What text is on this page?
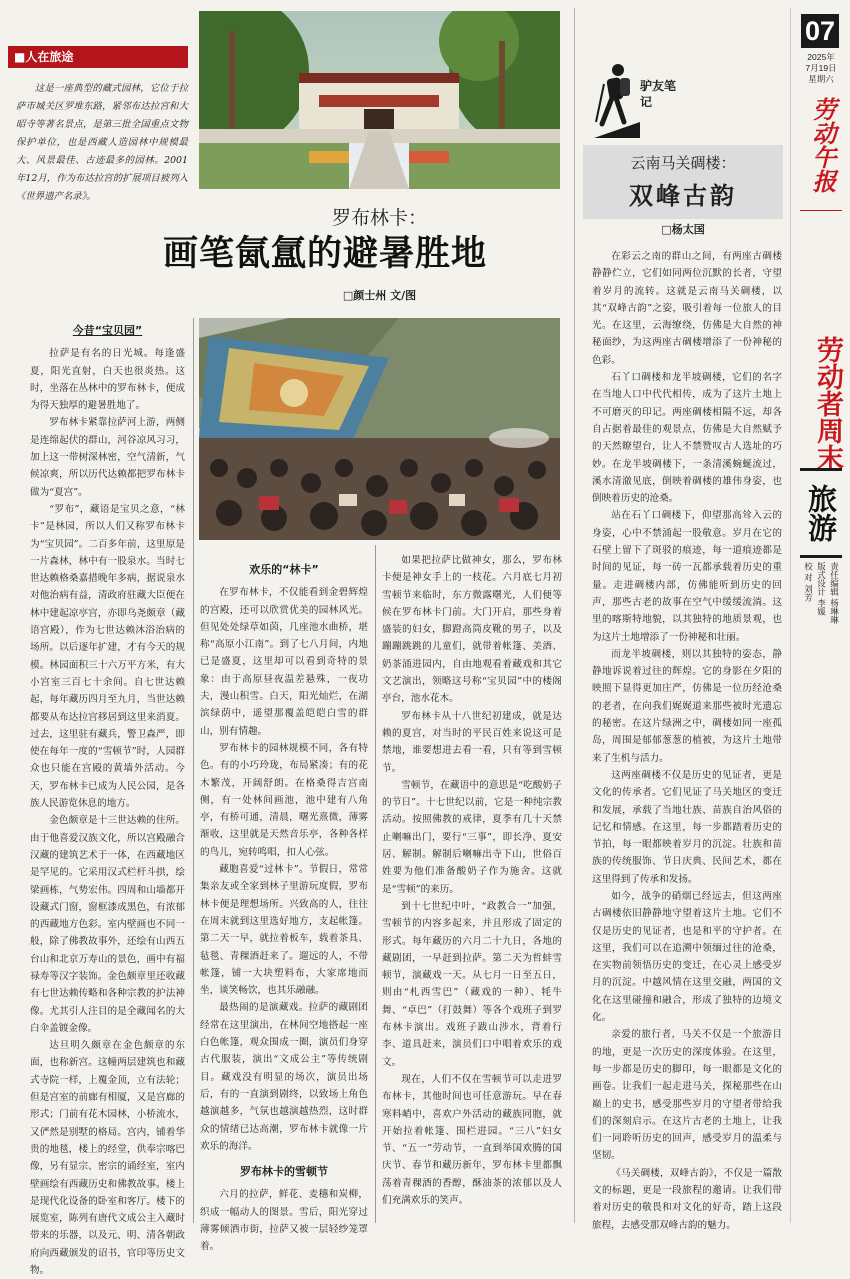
07
2025年
7月19日
星期六
劳动午报
劳动者周末
旅游
责任编辑 杨琳琳
版式设计 李媛
校 对 刘芳
■人在旅途
这是一座典型的藏式园林，它位于拉萨市城关区罗堆东路，紧邻布达拉宫和大昭寺等著名景点，是第三批全国重点文物保护单位，也是西藏人造园林中规模最大、风景最佳、古迹最多的园林。2001年12月，作为布达拉宫的扩展项目被列入《世界遗产名录》。
罗布林卡：
画笔氤氲的避暑胜地
□颜士州 文/图
今昔“宝贝园”

拉萨是有名的日光城。每逢盛夏，阳光直射，白天也很炎热。这时，坐落在丛林中的罗布林卡，便成为得天独厚的避暑胜地了。

罗布林卡紧靠拉萨河上游，两侧是连绵起伏的群山，河谷凉风习习，加上这一带树深林密，空气清新，气候凉爽，所以历代达赖都把罗布林卡做为“夏宫”。

“罗布”，藏语是宝贝之意，“林卡”是林园，所以人们又称罗布林卡为“宝贝园”。二百多年前，这里原是一片森林，林中有一股泉水。当时七世达赖格桑嘉措晚年多病，据说泉水对他治病有益，清政府驻藏大臣便在林中建起凉亭宫，亦即乌尧颇章（藏语宫殿），作为七世达赖沐浴治病的场所。以后逐年扩建，才有今天的规模。林园面积三十六万平方米，有大小宫室三百七十余间。自七世达赖起，每年藏历四月至九月，当世达赖都要从布达拉宫移居到这里来消夏。过去，这里驻有藏兵，警卫森严，即使在每年一度的“雪顿节”时，人园群众也只能在宫殿的黄墙外活动。今天，罗布林卡已成为人民公园，是各族人民游览休息的地方。

金色颇章是十三世达赖的住所。由于他喜爱汉族文化，所以宫殿融合汉藏的建筑艺术于一体，在西藏地区是罕见的。它采用汉式栏杆斗拱，绘梁画栋，气势宏伟。四周和山墙都开设藏式门窗，窗框漆成黑色，有浓郁的西藏地方色彩。室内壁画也不同一般，除了佛教故事外，还绘有山西五台山和北京万寿山的景色，画中有福禄寿等汉字装饰。金色颇章里还收藏有七世达赖传略和各种宗教的护法神像。尤其引人注目的是全藏闻名的大白伞盖镀金像。

达旦明久颇章在金色颇章的东面，也称新宫。这幢两层建筑也和藏式寺院一样，上覆金顶，立有法轮；但是宫室的前廊有相厦，又是宫廊的形式；门前有花木园林，小桥流水，又俨然是别墅的格局。宫内，铺着华贵的地毯，楼上的经堂，供奉宗喀巴像，另有显宗、密宗的诵经室，室内壁画绘有西藏历史和佛教故事。楼上是现代化设备的卧室和客厅。楼下的展览室，陈列有唐代文成公主入藏时带来的乐器，以及元、明、清各朝政府向西藏颁发的诏书，官印等历史文物。

欢乐的“林卡”

在罗布林卡，不仅能看到金碧辉煌的宫殿，还可以欣赏优美的园林风光。但见处处绿草如茵，几座池水曲桥，堪称“高原小江南”。到了七八月间，内地已是盛夏，这里却可以看到奇特的景象：由于高原昼夜温差悬殊，一夜功夫，漫山积雪。白天，阳光灿烂，在湖滨绿荫中，遥望那覆盖皑皑白雪的群山，别有情趣。

罗布林卡的园林规模不同，各有特色。有的小巧玲珑，布局紧凑；有的花木繁茂，开阔舒朗。在格桑得吉宫南侧，有一处林间画池，池中建有八角亭，有桥可通，清晨，曙光熹微，薄雾渐收，这里就是天然音乐亭，各种各样的鸟儿，宛转鸣唱，扣人心弦。

藏胞喜爱“过林卡”。节假日，常常集亲友或全家到林子里游玩度假，罗布林卡便是理想场所。兴致高的人，往往在周末就到这里选好地方，支起帐篷。第二天一早，就拉着板车，载着茶具、毡毯、青稞酒赶来了。遛远的人，不带帐篷，铺一大块塑料布，大家席地而坐，谈笑畅饮，也其乐融融。

最热闹的是演藏戏。拉萨的藏剧团经常在这里演出，在林间空地搭起一座白色帐篷，观众围成一圈，演员们身穿古代服装，演出“文成公主”等传统剧目。藏戏没有明显的场次，演员出场后，有的一直演到剧终，以致场上角色越演越多，气氛也越演越热烈，这时群众的情绪已达高潮，罗布林卡就像一片欢乐的海洋。

罗布林卡的雪顿节

六月的拉萨，鲜花、麦穗和炭柳，织成一幅动人的图景。雪后，阳光穿过薄雾倾洒市街，拉萨又被一层轻纱笼罩着。

如果把拉萨比做神女，那么，罗布林卡便是神女手上的一枝花。六月底七月初雪顿节来临时，东方微露曙光，人们便等候在罗布林卡门前。大门开启，那些身着盛装的妇女，脚蹬高筒皮靴的男子，以及蹦蹦跳跳的儿童们，就带着帐篷、美酒、奶茶涌进园内，自由地观看着藏戏和其它文艺演出，领略这号称“宝贝园”中的楼阁亭台，池水花木。

罗布林卡从十八世纪初建成，就是达赖的夏宫，对当时的平民百姓来说这可是禁地，谁要想进去看一看，只有等到雪顿节。

雪顿节，在藏语中的意思是“吃酸奶子的节日”。十七世纪以前，它是一种纯宗教活动。按照佛教的戒律，夏季有几十天禁止喇嘛出门，要行“三事”，即长净、夏安居、解制。解制后喇嘛出寺下山，世俗百姓要为他们准备酸奶子作为施舍。这就是“雪顿”的来历。

到十七世纪中叶，“政教合一”加强，雪顿节的内容多起来，并且形成了固定的形式。每年藏历的六月二十九日，各地的藏剧团，一早赶到拉萨。第二天为哲蚌雪顿节，演藏戏一天。从七月一日至五日，则由“札西雪巴”（藏戏的一种）、牦牛舞、“卓巴”（打鼓舞）等各个戏班子到罗布林卡演出。戏班子跋山涉水，背着行李、道具赶来，演员们口中唱着欢乐的戏文。

现在，人们不仅在雪顿节可以走进罗布林卡，其他时间也可任意游玩。早在春寒料峭中，喜欢户外活动的藏族同胞，就开始拉着帐篷、围栏进园。“三八”妇女节、“五一”劳动节，一直到举国欢腾的国庆节、春节和藏历新年，罗布林卡里都飘荡着青稞酒的香醇，酥油茶的浓郁以及人们充满欢乐的笑声。

驴友笔记
云南马关碉楼：
双峰古韵
□杨太国

在彩云之南的群山之间，有两座古碉楼静静伫立，它们如同两位沉默的长者，守望着岁月的流转。这就是云南马关碉楼，以其“双峰古韵”之姿，吸引着每一位旅人的目光。在这里，云海缭绕，仿佛是大自然的神秘面纱，为这两座古碉楼增添了一份神秘的色彩。

石丫口碉楼和龙半坡碉楼，它们的名字在当地人口中代代相传，成为了这片土地上不可磨灭的印记。两座碉楼相隔不远，却各自占据着最佳的观景点，仿佛是大自然赋予的天然瞭望台，让人不禁赞叹古人选址的巧妙。在龙半坡碉楼下，一条清溪蜿蜒流过，溪水清澈见底，倒映着碉楼的雄伟身姿，也倒映着历史的沧桑。

站在石丫口碉楼下，仰望那高耸入云的身姿，心中不禁涌起一股敬意。岁月在它的石壁上留下了斑驳的痕迹，每一道痕迹都是时间的见证，每一砖一瓦都承载着历史的重量。走进碉楼内部，仿佛能听到历史的回声，那些古老的故事在空气中缓缓流淌。这里的喀斯特地貌，以其独特的地质景观，也为这片土地增添了一份神秘和壮丽。

而龙半坡碉楼，则以其独特的姿态，静静地诉说着过往的辉煌。它的身影在夕阳的映照下显得更加庄严，仿佛是一位历经沧桑的老者，在向我们娓娓道来那些被时光遗忘的秘密。在这片绿洲之中，碉楼如同一座孤岛，周围是郁郁葱葱的植被，为这片土地带来了生机与活力。

这两座碉楼不仅是历史的见证者，更是文化的传承者。它们见证了马关地区的变迁和发展，承载了当地壮族、苗族自治风俗的记忆和情感。在这里，每一步都踏着历史的节拍，每一眼都映着岁月的沉淀。壮族和苗族的传统服饰、节日庆典、民间艺术，都在这里得到了传承和发扬。

如今，战争的硝烟已经远去，但这两座古碉楼依旧静静地守望着这片土地。它们不仅是历史的见证者，也是和平的守护者。在这里，我们可以在追溯中领缅过往的沧桑，在实物前领悟历史的变迁，在心灵上感受岁月的沉淀。中越风情在这里交融，两国的文化在这里碰撞和融合，形成了独特的边境文化。

亲爱的旅行者，马关不仅是一个旅游目的地，更是一次历史的深度体验。在这里，每一步都是历史的脚印，每一眼都是文化的画卷。让我们一起走进马关，探秘那些在山巅上的史书，感受那些岁月的守望者带给我们的深刻启示。在这片古老的土地上，让我们一同聆听历史的回声，感受岁月的温柔与坚韧。

《马关碉楼，双峰古韵》，不仅是一篇散文的标题，更是一段旅程的邀请。让我们带着对历史的敬畏和对文化的好奇，踏上这段旅程，去感受那双峰古韵的魅力。
